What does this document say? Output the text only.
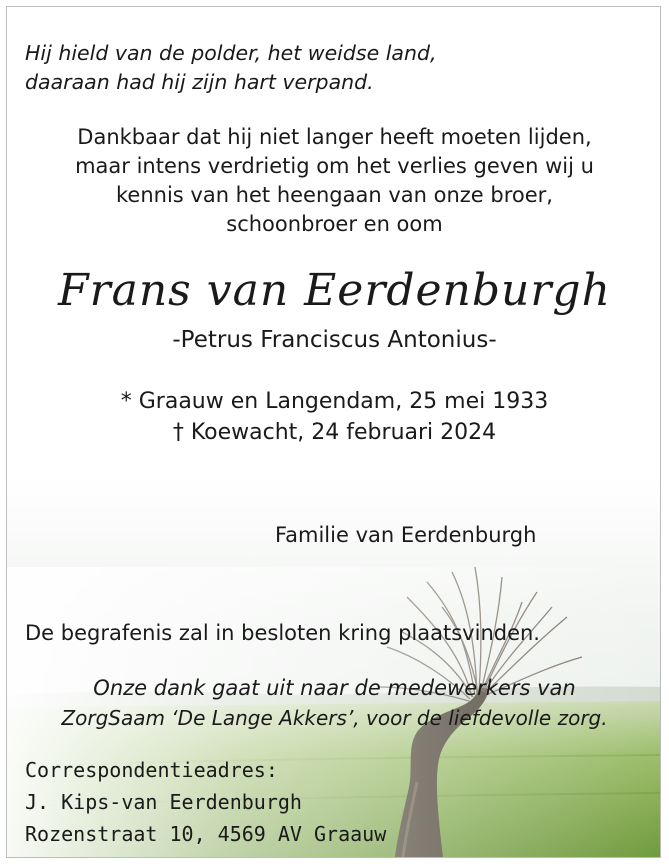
Hij hield van de polder, het weidse land,
daaraan had hij zijn hart verpand.
Dankbaar dat hij niet langer heeft moeten lijden,
maar intens verdrietig om het verlies geven wij u
kennis van het heengaan van onze broer,
schoonbroer en oom
Frans van Eerdenburgh
-Petrus Franciscus Antonius-
* Graauw en Langendam, 25 mei 1933
† Koewacht, 24 februari 2024
Familie van Eerdenburgh
De begrafenis zal in besloten kring plaatsvinden.
Onze dank gaat uit naar de medewerkers van
ZorgSaam ‘De Lange Akkers’, voor de liefdevolle zorg.
Correspondentieadres:
J. Kips-van Eerdenburgh
Rozenstraat 10, 4569 AV Graauw
